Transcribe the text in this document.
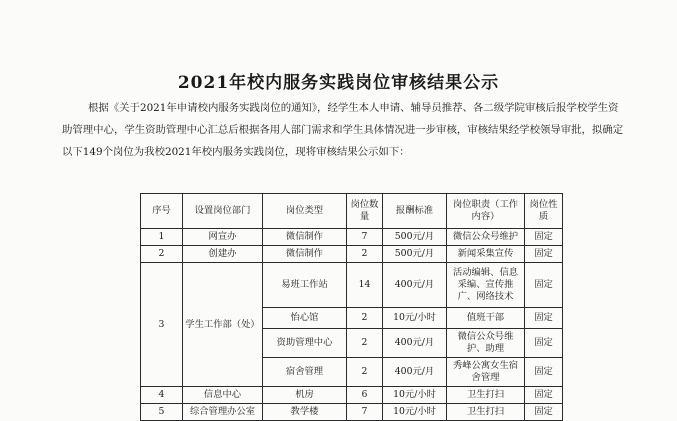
2021年校内服务实践岗位审核结果公示

根据《关于2021年申请校内服务实践岗位的通知》，经学生本人申请、辅导员推荐、各二级学院审核后报学校学生资助管理中心，学生资助管理中心汇总后根据各用人部门需求和学生具体情况进一步审核，审核结果经学校领导审批，拟确定以下149个岗位为我校2021年校内服务实践岗位，现将审核结果公示如下：

序号	设置岗位部门	岗位类型	岗位数量	报酬标准	岗位职责（工作内容）	岗位性质
1	网宣办	微信制作	7	500元/月	微信公众号维护	固定
2	创建办	微信制作	2	500元/月	新闻采集宣传	固定
3	学生工作部（处）	易班工作站	14	400元/月	活动编辑、信息采编、宣传推广、网络技术	固定
		怡心馆	2	10元/小时	值班干部	固定
		资助管理中心	2	400元/月	微信公众号维护、助理	固定
		宿舍管理	2	400元/月	秀峰公寓女生宿舍管理	固定
4	信息中心	机房	6	10元/小时	卫生打扫	固定
5	综合管理办公室	教学楼	7	10元/小时	卫生打扫	固定
